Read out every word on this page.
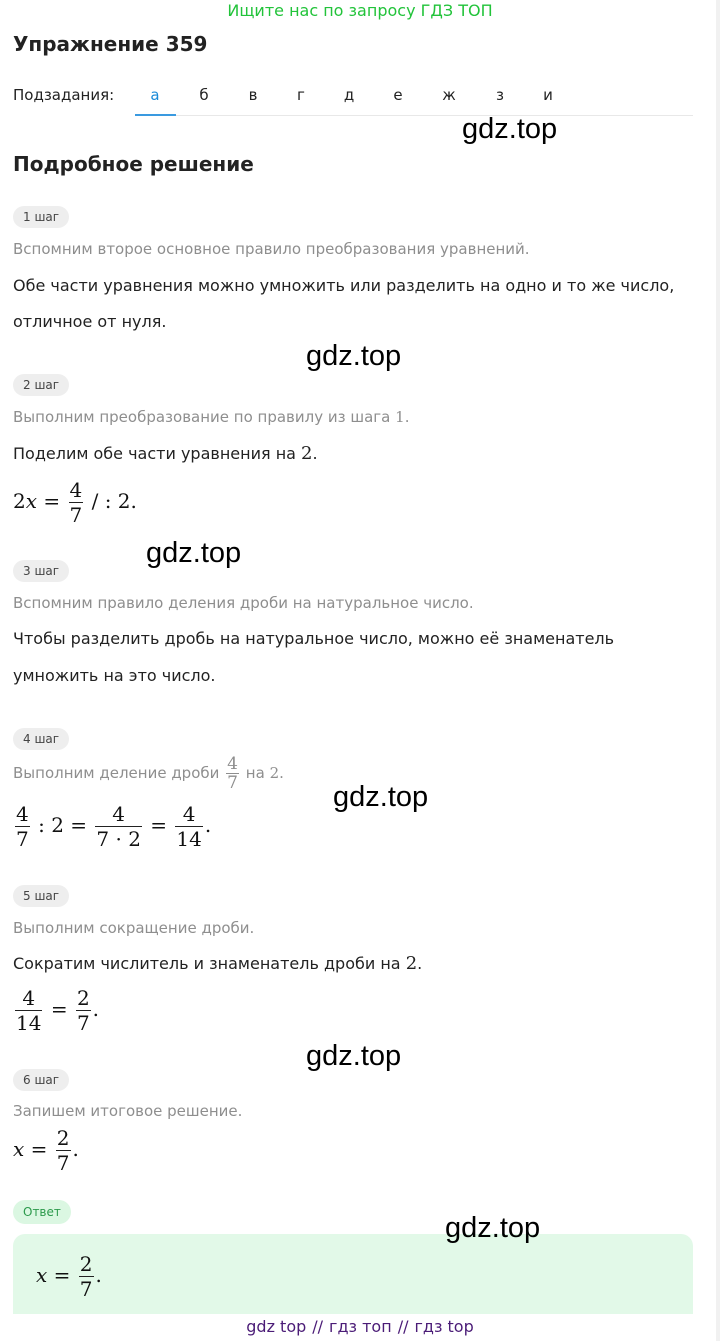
Ищите нас по запросу ГДЗ ТОП
Упражнение 359
Подзадания:	а	б	в	г	д	е	ж	з	и
gdz.top
Подробное решение
1 шаг
Вспомним второе основное правило преобразования уравнений.
Обе части уравнения можно умножить или разделить на одно и то же число,
отличное от нуля.
gdz.top
2 шаг
Выполним преобразование по правилу из шага 1.
Поделим обе части уравнения на 2.
$2x = \frac{4}{7}$ / : 2.
gdz.top
3 шаг
Вспомним правило деления дроби на натуральное число.
Чтобы разделить дробь на натуральное число, можно её знаменатель
умножить на это число.
4 шаг
Выполним деление дроби $\frac{4}{7}$ на 2.
gdz.top
$\frac{4}{7}$ : $2 = \frac{4}{7 \cdot 2} = \frac{4}{14}$ .
5 шаг
Выполним сокращение дроби.
Сократим числитель и знаменатель дроби на 2.
$\frac{4}{14} = \frac{2}{7}$ .
gdz.top
6 шаг
Запишем итоговое решение.
$x = \frac{2}{7}$ .
Ответ
$x = \frac{2}{7}$ .
gdz.top
gdz top // гдз топ // гдз top
